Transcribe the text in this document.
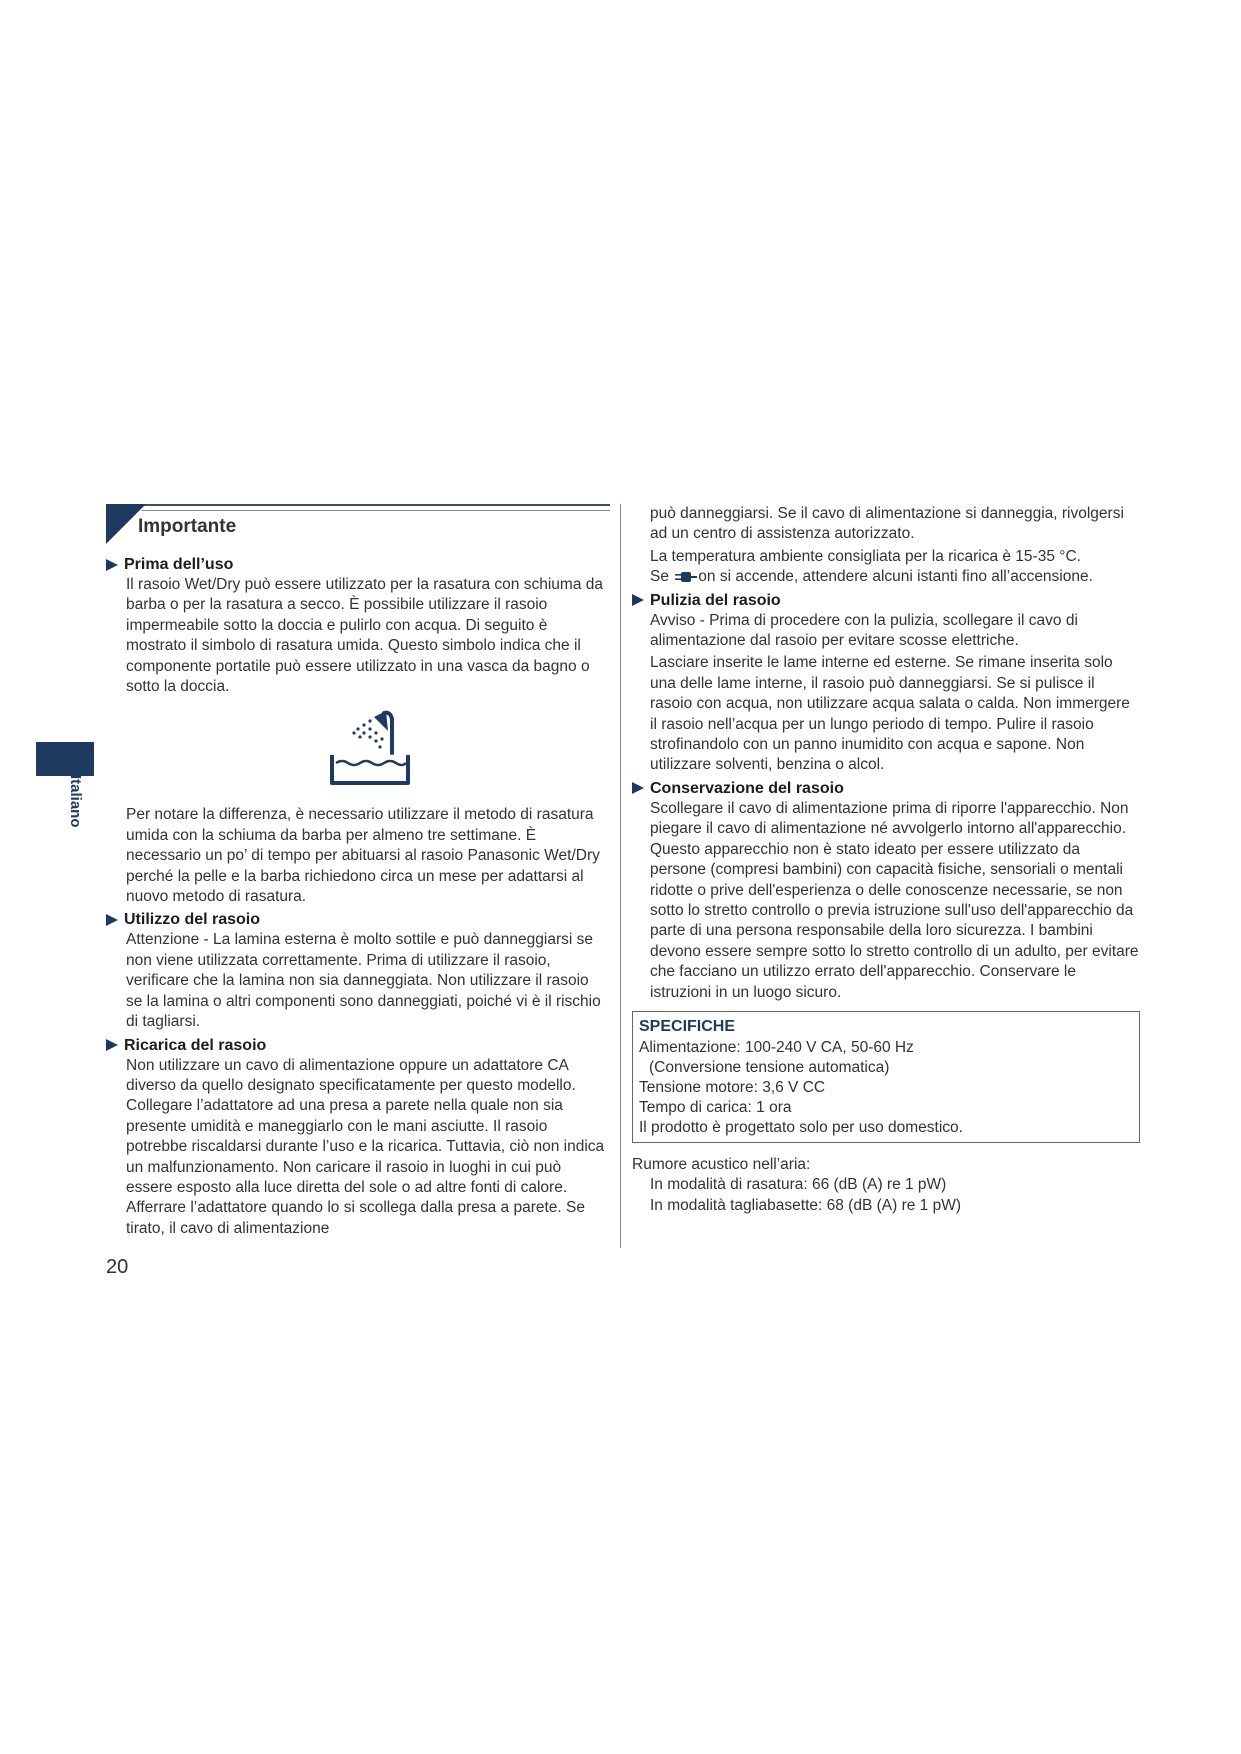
Italiano
Importante
Prima dell’uso

Il rasoio Wet/Dry può essere utilizzato per la rasatura con schiuma da barba o per la rasatura a secco. È possibile utilizzare il rasoio impermeabile sotto la doccia e pulirlo con acqua. Di seguito è mostrato il simbolo di rasatura umida. Questo simbolo indica che il componente portatile può essere utilizzato in una vasca da bagno o sotto la doccia.

Per notare la differenza, è necessario utilizzare il metodo di rasatura umida con la schiuma da barba per almeno tre settimane. È necessario un po’ di tempo per abituarsi al rasoio Panasonic Wet/Dry perché la pelle e la barba richiedono circa un mese per adattarsi al nuovo metodo di rasatura.

Utilizzo del rasoio

Attenzione - La lamina esterna è molto sottile e può danneggiarsi se non viene utilizzata correttamente. Prima di utilizzare il rasoio, verificare che la lamina non sia danneggiata. Non utilizzare il rasoio se la lamina o altri componenti sono danneggiati, poiché vi è il rischio di tagliarsi.

Ricarica del rasoio

Non utilizzare un cavo di alimentazione oppure un adattatore CA diverso da quello designato specificatamente per questo modello. Collegare l’adattatore ad una presa a parete nella quale non sia presente umidità e maneggiarlo con le mani asciutte. Il rasoio potrebbe riscaldarsi durante l’uso e la ricarica. Tuttavia, ciò non indica un malfunzionamento. Non caricare il rasoio in luoghi in cui può essere esposto alla luce diretta del sole o ad altre fonti di calore. Afferrare l’adattatore quando lo si scollega dalla presa a parete. Se tirato, il cavo di alimentazione

può danneggiarsi. Se il cavo di alimentazione si danneggia, rivolgersi ad un centro di assistenza autorizzato.

La temperatura ambiente consigliata per la ricarica è 15-35 °C.
Se on si accende, attendere alcuni istanti fino all’accensione.

Pulizia del rasoio

Avviso - Prima di procedere con la pulizia, scollegare il cavo di alimentazione dal rasoio per evitare scosse elettriche.

Lasciare inserite le lame interne ed esterne. Se rimane inserita solo una delle lame interne, il rasoio può danneggiarsi. Se si pulisce il rasoio con acqua, non utilizzare acqua salata o calda. Non immergere il rasoio nell’acqua per un lungo periodo di tempo. Pulire il rasoio strofinandolo con un panno inumidito con acqua e sapone. Non utilizzare solventi, benzina o alcol.

Conservazione del rasoio

Scollegare il cavo di alimentazione prima di riporre l'apparecchio. Non piegare il cavo di alimentazione né avvolgerlo intorno all'apparecchio. Questo apparecchio non è stato ideato per essere utilizzato da persone (compresi bambini) con capacità fisiche, sensoriali o mentali ridotte o prive dell'esperienza o delle conoscenze necessarie, se non sotto lo stretto controllo o previa istruzione sull'uso dell'apparecchio da parte di una persona responsabile della loro sicurezza. I bambini devono essere sempre sotto lo stretto controllo di un adulto, per evitare che facciano un utilizzo errato dell'apparecchio. Conservare le istruzioni in un luogo sicuro.

SPECIFICHE
Alimentazione: 100-240 V CA, 50-60 Hz
(Conversione tensione automatica)
Tensione motore: 3,6 V CC
Tempo di carica: 1 ora
Il prodotto è progettato solo per uso domestico.
Rumore acustico nell’aria:
In modalità di rasatura: 66 (dB (A) re 1 pW)
In modalità tagliabasette: 68 (dB (A) re 1 pW)
20
